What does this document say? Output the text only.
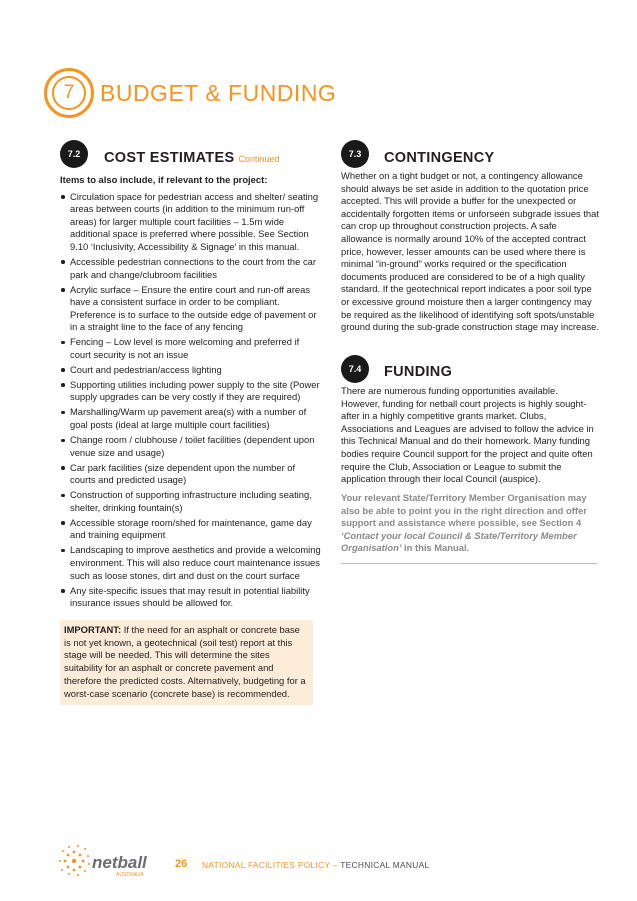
7 BUDGET & FUNDING
7.2	COST ESTIMATES Continued

Items to also include, if relevant to the project:

Circulation space for pedestrian access and shelter/ seating areas between courts (in addition to the minimum run-off areas) for larger multiple court facilities – 1.5m wide additional space is preferred where possible. See Section 9.10 ‘Inclusivity, Accessibility & Signage’ in this manual.
Accessible pedestrian connections to the court from the car park and change/clubroom facilities
Acrylic surface – Ensure the entire court and run-off areas have a consistent surface in order to be compliant. Preference is to surface to the outside edge of pavement or in a straight line to the face of any fencing
Fencing – Low level is more welcoming and preferred if court security is not an issue
Court and pedestrian/access lighting
Supporting utilities including power supply to the site (Power supply upgrades can be very costly if they are required)
Marshalling/Warm up pavement area(s) with a number of goal posts (ideal at large multiple court facilities)
Change room / clubhouse / toilet facilities (dependent upon venue size and usage)
Car park facilities (size dependent upon the number of courts and predicted usage)
Construction of supporting infrastructure including seating, shelter, drinking fountain(s)
Accessible storage room/shed for maintenance, game day and training equipment
Landscaping to improve aesthetics and provide a welcoming environment. This will also reduce court maintenance issues such as loose stones, dirt and dust on the court surface
Any site-specific issues that may result in potential liability insurance issues should be allowed for.
IMPORTANT: If the need for an asphalt or concrete base is not yet known, a geotechnical (soil test) report at this stage will be needed. This will determine the sites suitability for an asphalt or concrete pavement and therefore the predicted costs. Alternatively, budgeting for a worst-case scenario (concrete base) is recommended.
7.3	CONTINGENCY

Whether on a tight budget or not, a contingency allowance should always be set aside in addition to the quotation price accepted. This will provide a buffer for the unexpected or accidentally forgotten items or unforseen subgrade issues that can crop up throughout construction projects. A safe allowance is normally around 10% of the accepted contract price, however, lesser amounts can be used where there is minimal “in-ground” works required or the specification documents produced are considered to be of a high quality standard. If the geotechnical report indicates a poor soil type or excessive ground moisture then a larger contingency may be required as the likelihood of identifying soft spots/unstable ground during the sub-grade construction stage may increase.

7.4	FUNDING

There are numerous funding opportunities available. However, funding for netball court projects is highly sought-after in a highly competitive grants market. Clubs, Associations and Leagues are advised to follow the advice in this Technical Manual and do their homework. Many funding bodies require Council support for the project and quite often require the Club, Association or League to submit the application through their local Council (auspice).

Your relevant State/Territory Member Organisation may also be able to point you in the right direction and offer support and assistance where possible, see Section 4 ‘Contact your local Council & State/Territory Member Organisation’ in this Manual.
netball
AUSTRALIA
26 NATIONAL FACILITIES POLICY – TECHNICAL MANUAL
